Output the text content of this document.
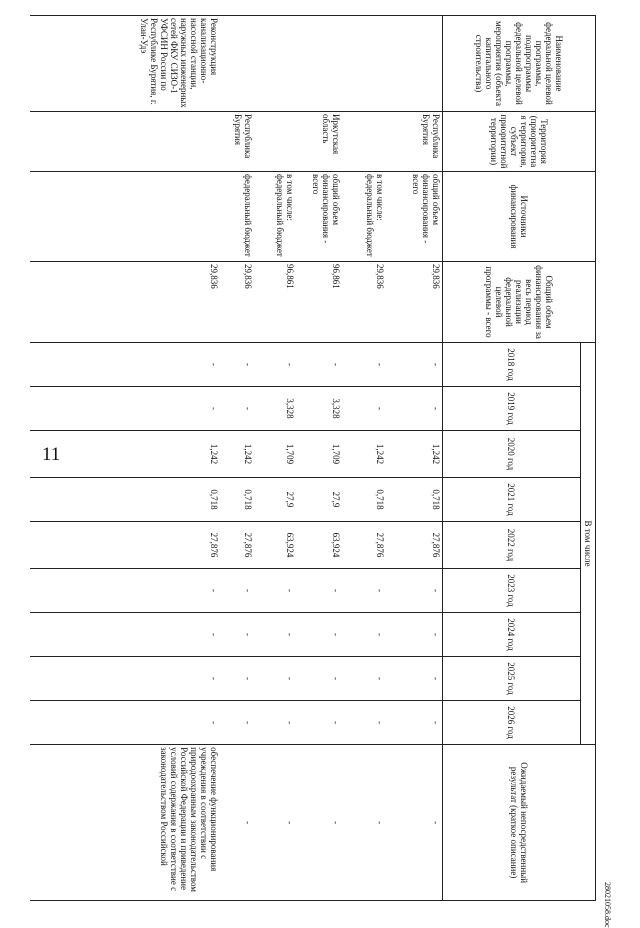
11
28021058.doc
Наименование федеральной целевой программы, подпрограммы федеральной целевой программы, мероприятия (объекта капитального строительства)	Территория (приоритетная территория, субъект приоритетной территории)	Источники финансирования	Общий объем финансирования за весь период реализации федеральной целевой программы - всего	В том числе									Ожидаемый непосредственный результат (краткое описание)
				2018 год	2019 год	2020 год	2021 год	2022 год	2023 год	2024 год	2025 год	2026 год	
	Республика Бурятия	общий объем финансирования - всего	29,836	-	-	1,242	0,718	27,876	-	-	-	-	-
		в том числе: федеральный бюджет	29,836	-	-	1,242	0,718	27,876	-	-	-	-	-
	Иркутская область	общий объем финансирования - всего	96,861	-	3,328	1,709	27,9	63,924	-	-	-	-	-
		в том числе: федеральный бюджет	96,861	-	3,328	1,709	27,9	63,924	-	-	-	-	-
	Республика Бурятия	федеральный бюджет	29,836	-	-	1,242	0,718	27,876	-	-	-	-	-
Реконструкция канализационно-насосной станции, наружных инженерных сетей ФКУ СИЗО-1 УФСИН России по Республике Бурятия, г. Улан-Удэ			29,836	-	-	1,242	0,718	27,876	-	-	-	-	обеспечение функционирования учреждения в соответствии с природоохранным законодательством Российской Федерации и приведение условий содержания в соответствие с законодательством Российской
